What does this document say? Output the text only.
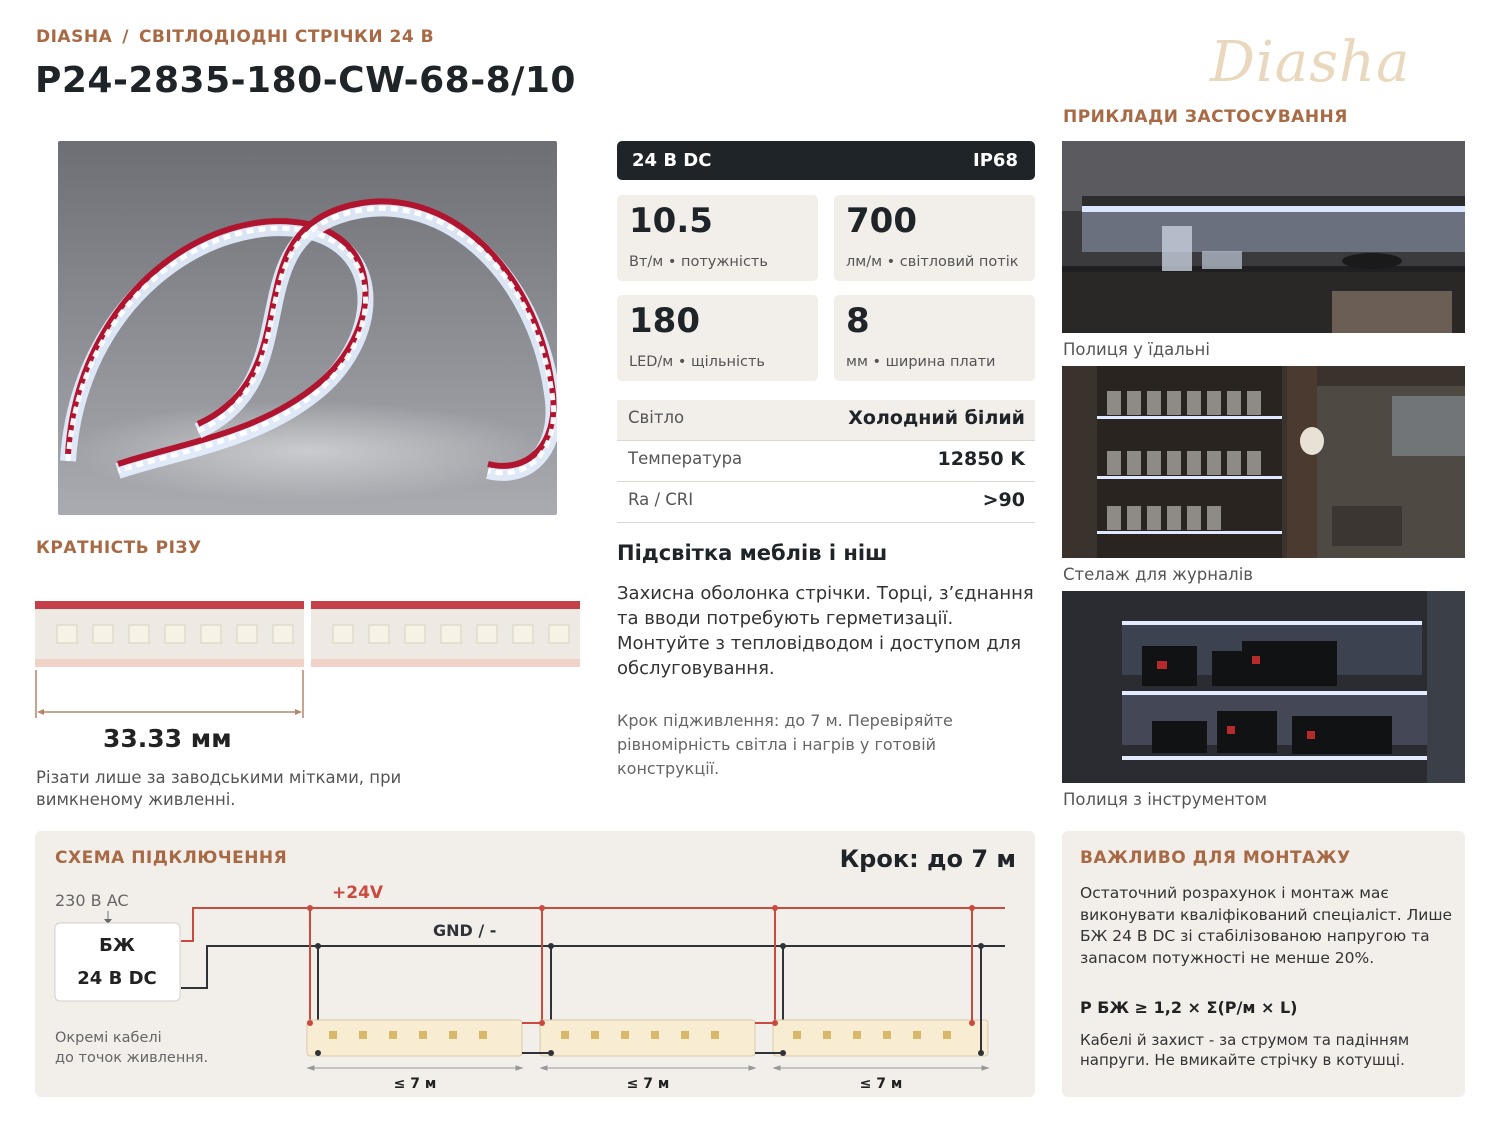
DIASHA / СВІТЛОДІОДНІ СТРІЧКИ 24 В
P24-2835-180-CW-68-8/10	Diasha
КРАТНІСТЬ РІЗУ
33.33 мм
Різати лише за заводськими мітками, при вимкненому живленні.
24 В DC	IP68
10.5
Вт/м • потужність
700
лм/м • світловий потік
180
LED/м • щільність
8
мм • ширина плати
Світло	Холодний білий
Температура	12850 K
Ra / CRI	>90
Підсвітка меблів і ніш
Захисна оболонка стрічки. Торці, з’єднання та вводи потребують герметизації. Монтуйте з тепловідводом і доступом для обслуговування.
Крок підживлення: до 7 м. Перевіряйте рівномірність світла і нагрів у готовій конструкції.
ПРИКЛАДИ ЗАСТОСУВАННЯ
Полиця у їдальні
Стелаж для журналів
Полиця з інструментом
230 В AC
БЖ
24 В DC
+24V
GND / -
Окремі кабелі
до точок живлення.
≤ 7 м	≤ 7 м	≤ 7 м
СХЕМА ПІДКЛЮЧЕННЯ	Крок: до 7 м	ВАЖЛИВО ДЛЯ МОНТАЖУ
Остаточний розрахунок і монтаж має виконувати кваліфікований спеціаліст. Лише БЖ 24 В DC зі стабілізованою напругою та запасом потужності не менше 20%.
P БЖ ≥ 1,2 × Σ(P/м × L)
Кабелі й захист - за струмом та падінням напруги. Не вмикайте стрічку в котушці.
